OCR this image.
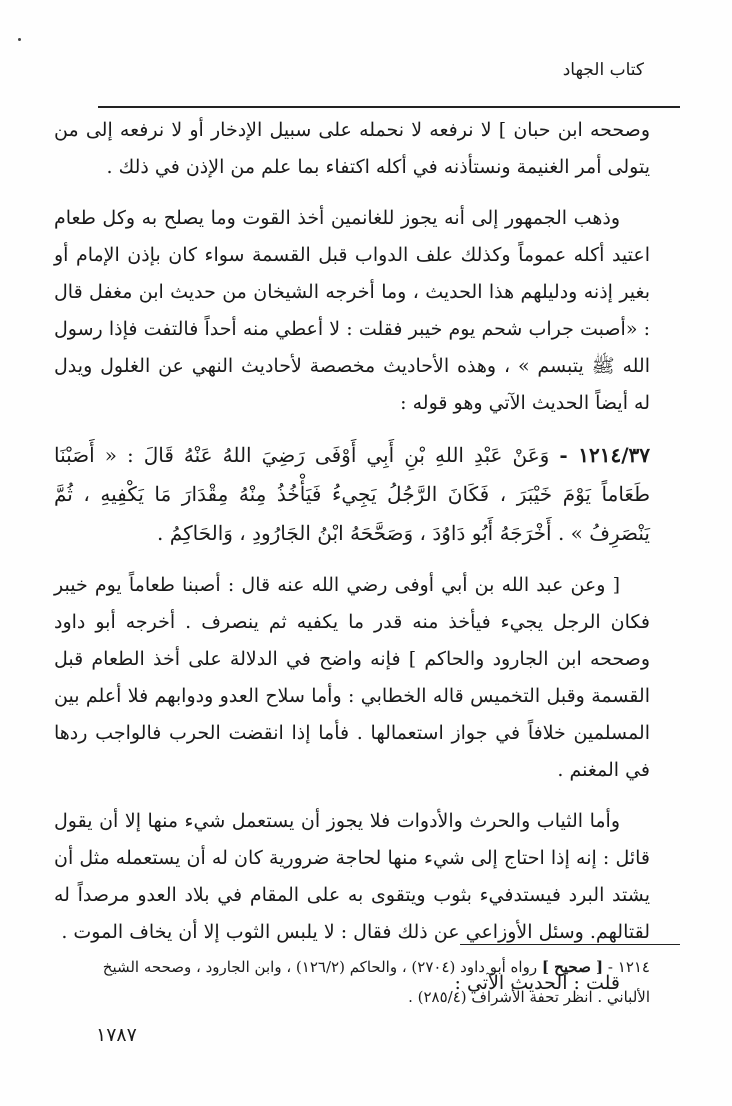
كتاب الجهاد

وصححه ابن حبان ] لا نرفعه لا نحمله على سبيل الإدخار أو لا نرفعه إلى من يتولى أمر الغنيمة ونستأذنه في أكله اكتفاء بما علم من الإذن في ذلك .

وذهب الجمهور إلى أنه يجوز للغانمين أخذ القوت وما يصلح به وكل طعام اعتيد أكله عموماً وكذلك علف الدواب قبل القسمة سواء كان بإذن الإمام أو بغير إذنه ودليلهم هذا الحديث ، وما أخرجه الشيخان من حديث ابن مغفل قال : «أصبت جراب شحم يوم خيبر فقلت : لا أعطي منه أحداً فالتفت فإذا رسول الله ﷺ يتبسم » ، وهذه الأحاديث مخصصة لأحاديث النهي عن الغلول ويدل له أيضاً الحديث الآتي وهو قوله :

١٢١٤/٣٧ - وَعَنْ عَبْدِ اللهِ بْنِ أَبِي أَوْفَى رَضِيَ اللهُ عَنْهُ قَالَ : « أَصَبْنَا طَعَاماً يَوْمَ خَيْبَرَ ، فَكَانَ الرَّجُلُ يَجِيءُ فَيَأْخُذُ مِنْهُ مِقْدَارَ مَا يَكْفِيهِ ، ثُمَّ يَنْصَرِفُ » . أَخْرَجَهُ أَبُو دَاوُدَ ، وَصَحَّحَهُ ابْنُ الجَارُودِ ، وَالحَاكِمُ .

[ وعن عبد الله بن أبي أوفى رضي الله عنه قال : أصبنا طعاماً يوم خيبر فكان الرجل يجيء فيأخذ منه قدر ما يكفيه ثم ينصرف . أخرجه أبو داود وصححه ابن الجارود والحاكم ] فإنه واضح في الدلالة على أخذ الطعام قبل القسمة وقبل التخميس قاله الخطابي : وأما سلاح العدو ودوابهم فلا أعلم بين المسلمين خلافاً في جواز استعمالها . فأما إذا انقضت الحرب فالواجب ردها في المغنم .

وأما الثياب والحرث والأدوات فلا يجوز أن يستعمل شيء منها إلا أن يقول قائل : إنه إذا احتاج إلى شيء منها لحاجة ضرورية كان له أن يستعمله مثل أن يشتد البرد فيستدفيء بثوب ويتقوى به على المقام في بلاد العدو مرصداً له لقتالهم. وسئل الأوزاعي عن ذلك فقال : لا يلبس الثوب إلا أن يخاف الموت .

قلت : الحديث الآتي :

١٢١٤ - [ صحيح ] رواه أبو داود (٢٧٠٤) ، والحاكم (١٢٦/٢) ، وابن الجارود ، وصححه الشيخ الألباني . انظر تحفة الأشراف (٢٨٥/٤) .
١٧٨٧
